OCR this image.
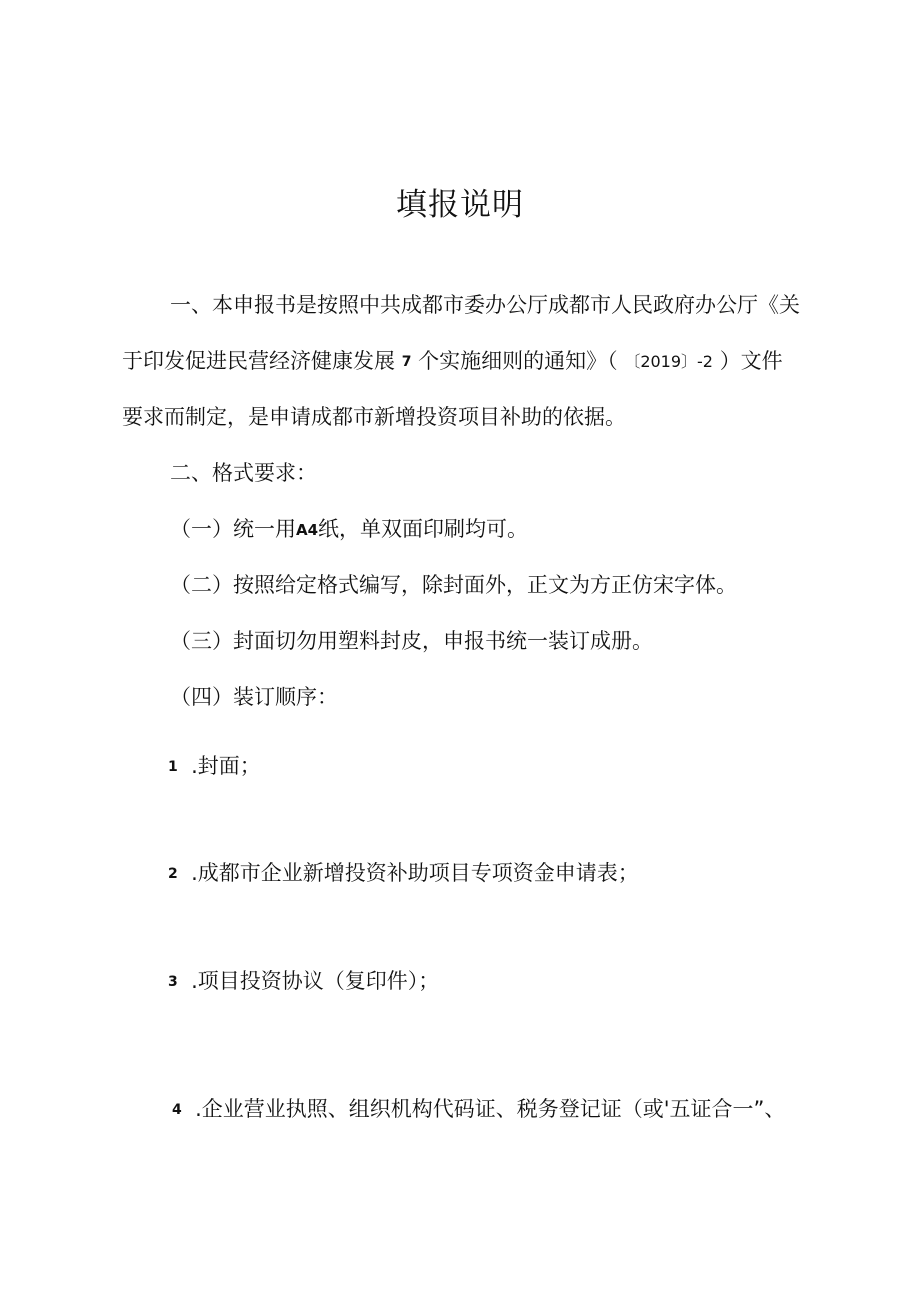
填报说明
一、本申报书是按照中共成都市委办公厅成都市人民政府办公厅《关
于印发促进民营经济健康发展 7 个实施细则的通知》（ 〔2019〕-2 ）文件
要求而制定，是申请成都市新增投资项目补助的依据。
二、格式要求：
（一）统一用A4纸，单双面印刷均可。
（二）按照给定格式编写，除封面外，正文为方正仿宋字体。
（三）封面切勿用塑料封皮，申报书统一装订成册。
（四）装订顺序：
1 .封面；
2 .成都市企业新增投资补助项目专项资金申请表；
3 .项目投资协议（复印件）；
4 .企业营业执照、组织机构代码证、税务登记证（或'五证合一”、
